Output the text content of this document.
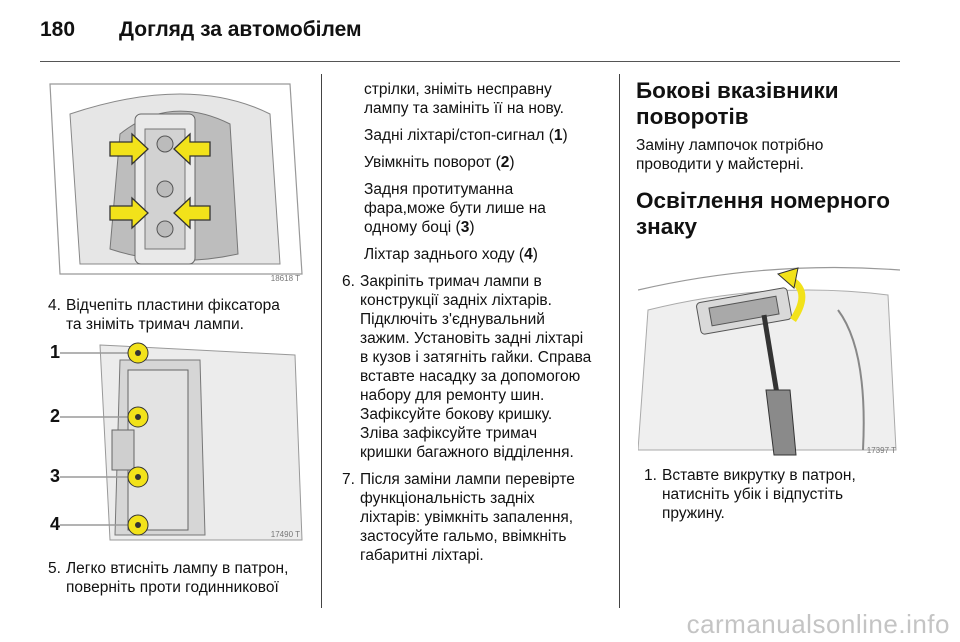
180 Догляд за автомобілем
18618 T
4. Відчепіть пластини фіксатора
та зніміть тримач лампи.
1
2
3
4
17490 T
5. Легко втисніть лампу в патрон,
поверніть проти годинникової

стрілки, зніміть несправну
лампу та замініть її на нову.

Задні ліхтарі/стоп-сигнал (1)

Увімкніть поворот (2)

Задня протитуманна
фара,може бути лише на
одному боці (3)

Ліхтар заднього ходу (4)

6. Закріпіть тримач лампи в
конструкції задніх ліхтарів.
Підключіть з'єднувальний
зажим. Установіть задні ліхтарі
в кузов і затягніть гайки. Справа
вставте насадку за допомогою
набору для ремонту шин.
Зафіксуйте бокову кришку.
Зліва зафіксуйте тримач
кришки багажного відділення.
7. Після заміни лампи перевірте
функціональність задніх
ліхтарів: увімкніть запалення,
застосуйте гальмо, ввімкніть
габаритні ліхтарі.
Бокові вказівники
поворотів
Заміну лампочок потрібно
проводити у майстерні.
Освітлення номерного
знаку
17397 T
1. Вставте викрутку в патрон,
натисніть убік і відпустіть
пружину.
carmanualsonline.info
